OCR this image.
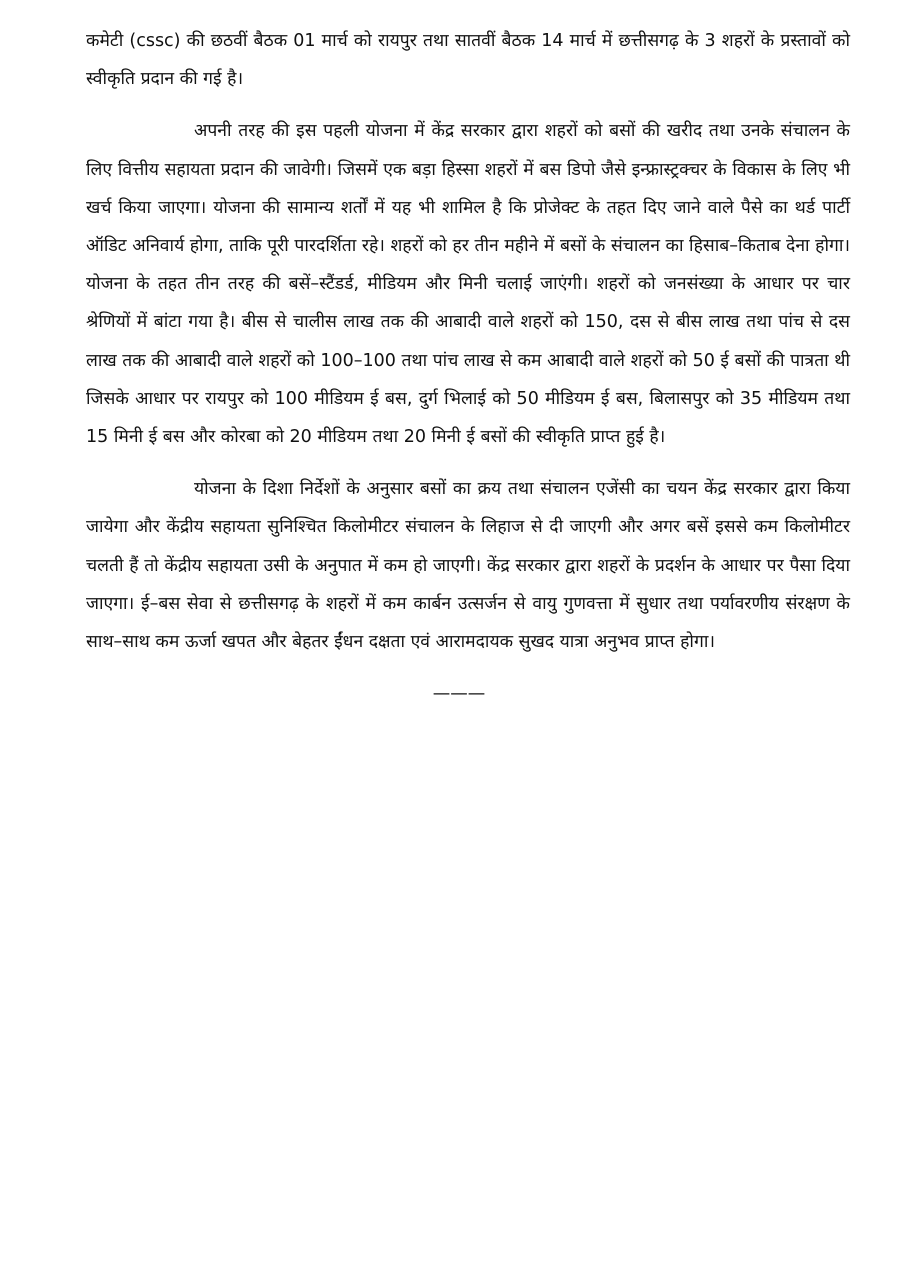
कमेटी (cssc) की छठवीं बैठक 01 मार्च को रायपुर तथा सातवीं बैठक 14 मार्च में छत्तीसगढ़ के 3 शहरों के प्रस्तावों को स्वीकृति प्रदान की गई है।

अपनी तरह की इस पहली योजना में केंद्र सरकार द्वारा शहरों को बसों की खरीद तथा उनके संचालन के लिए वित्तीय सहायता प्रदान की जावेगी। जिसमें एक बड़ा हिस्सा शहरों में बस डिपो जैसे इन्फ्रास्ट्रक्चर के विकास के लिए भी खर्च किया जाएगा। योजना की सामान्य शर्तों में यह भी शामिल है कि प्रोजेक्ट के तहत दिए जाने वाले पैसे का थर्ड पार्टी ऑडिट अनिवार्य होगा, ताकि पूरी पारदर्शिता रहे। शहरों को हर तीन महीने में बसों के संचालन का हिसाब–किताब देना होगा। योजना के तहत तीन तरह की बसें–स्टैंडर्ड, मीडियम और मिनी चलाई जाएंगी। शहरों को जनसंख्या के आधार पर चार श्रेणियों में बांटा गया है। बीस से चालीस लाख तक की आबादी वाले शहरों को 150, दस से बीस लाख तथा पांच से दस लाख तक की आबादी वाले शहरों को 100–100 तथा पांच लाख से कम आबादी वाले शहरों को 50 ई बसों की पात्रता थी जिसके आधार पर रायपुर को 100 मीडियम ई बस, दुर्ग भिलाई को 50 मीडियम ई बस, बिलासपुर को 35 मीडियम तथा 15 मिनी ई बस और कोरबा को 20 मीडियम तथा 20 मिनी ई बसों की स्वीकृति प्राप्त हुई है।

योजना के दिशा निर्देशों के अनुसार बसों का क्रय तथा संचालन एजेंसी का चयन केंद्र सरकार द्वारा किया जायेगा और केंद्रीय सहायता सुनिश्चित किलोमीटर संचालन के लिहाज से दी जाएगी और अगर बसें इससे कम किलोमीटर चलती हैं तो केंद्रीय सहायता उसी के अनुपात में कम हो जाएगी। केंद्र सरकार द्वारा शहरों के प्रदर्शन के आधार पर पैसा दिया जाएगा। ई–बस सेवा से छत्तीसगढ़ के शहरों में कम कार्बन उत्सर्जन से वायु गुणवत्ता में सुधार तथा पर्यावरणीय संरक्षण के साथ–साथ कम ऊर्जा खपत और बेहतर ईंधन दक्षता एवं आरामदायक सुखद यात्रा अनुभव प्राप्त होगा।

———
